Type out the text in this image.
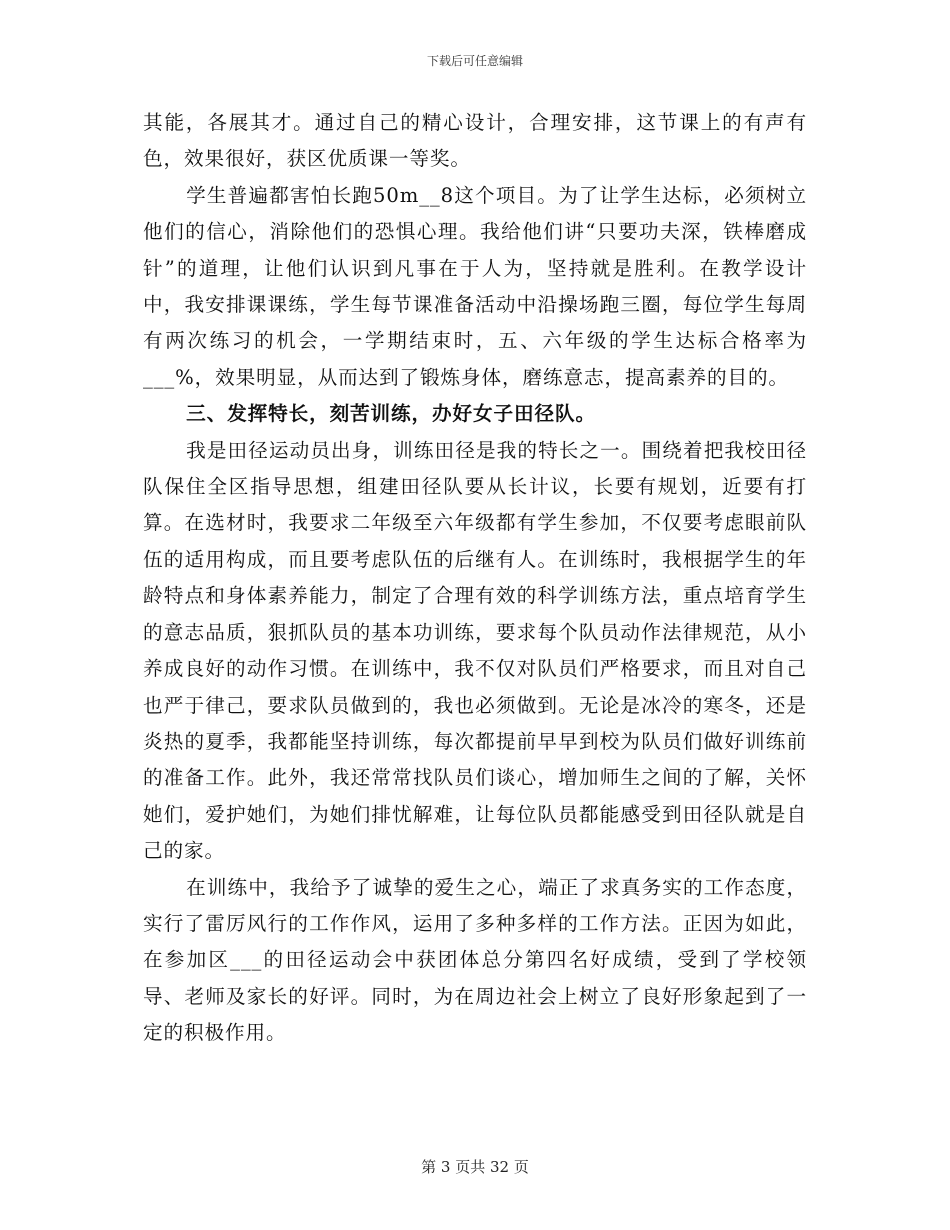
下载后可任意编辑

其能，各展其才。通过自己的精心设计，合理安排，这节课上的有声有色，效果很好，获区优质课一等奖。

学生普遍都害怕长跑50m__8这个项目。为了让学生达标，必须树立他们的信心，消除他们的恐惧心理。我给他们讲“只要功夫深，铁棒磨成针”的道理，让他们认识到凡事在于人为，坚持就是胜利。在教学设计中，我安排课课练，学生每节课准备活动中沿操场跑三圈，每位学生每周有两次练习的机会，一学期结束时，五、六年级的学生达标合格率为___%，效果明显，从而达到了锻炼身体，磨练意志，提高素养的目的。

三、发挥特长，刻苦训练，办好女子田径队。

我是田径运动员出身，训练田径是我的特长之一。围绕着把我校田径队保住全区指导思想，组建田径队要从长计议，长要有规划，近要有打算。在选材时，我要求二年级至六年级都有学生参加，不仅要考虑眼前队伍的适用构成，而且要考虑队伍的后继有人。在训练时，我根据学生的年龄特点和身体素养能力，制定了合理有效的科学训练方法，重点培育学生的意志品质，狠抓队员的基本功训练，要求每个队员动作法律规范，从小养成良好的动作习惯。在训练中，我不仅对队员们严格要求，而且对自己也严于律己，要求队员做到的，我也必须做到。无论是冰冷的寒冬，还是炎热的夏季，我都能坚持训练，每次都提前早早到校为队员们做好训练前的准备工作。此外，我还常常找队员们谈心，增加师生之间的了解，关怀她们，爱护她们，为她们排忧解难，让每位队员都能感受到田径队就是自己的家。

在训练中，我给予了诚挚的爱生之心，端正了求真务实的工作态度，实行了雷厉风行的工作作风，运用了多种多样的工作方法。正因为如此，在参加区___的田径运动会中获团体总分第四名好成绩，受到了学校领导、老师及家长的好评。同时，为在周边社会上树立了良好形象起到了一定的积极作用。

第 3 页共 32 页
